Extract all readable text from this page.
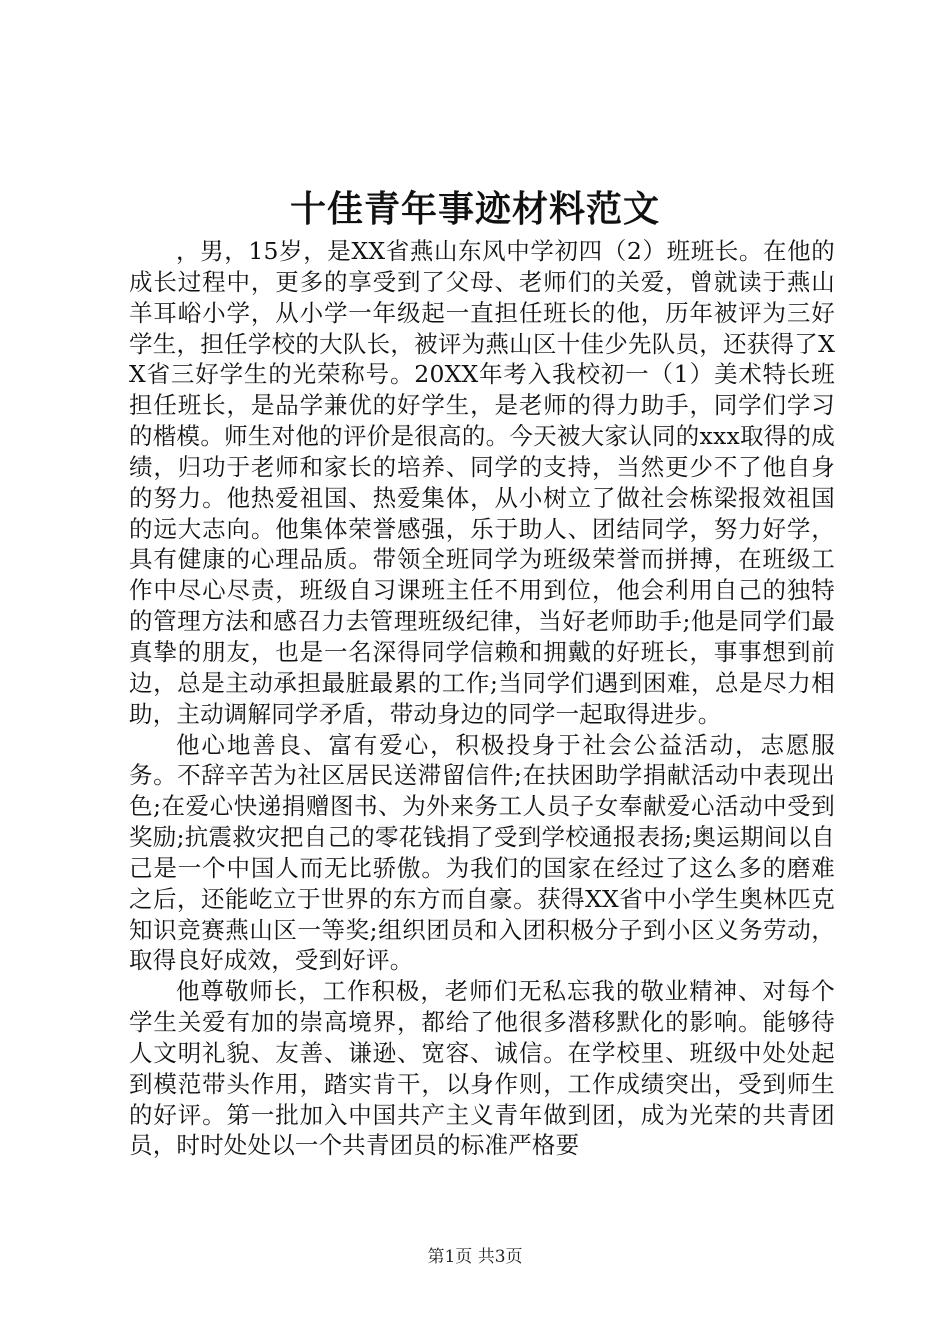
十佳青年事迹材料范文

，男，15岁，是XX省燕山东风中学初四（2）班班长。在他的成长过程中，更多的享受到了父母、老师们的关爱，曾就读于燕山羊耳峪小学，从小学一年级起一直担任班长的他，历年被评为三好学生，担任学校的大队长，被评为燕山区十佳少先队员，还获得了XX省三好学生的光荣称号。20XX年考入我校初一（1）美术特长班担任班长，是品学兼优的好学生，是老师的得力助手，同学们学习的楷模。师生对他的评价是很高的。今天被大家认同的xxx取得的成绩，归功于老师和家长的培养、同学的支持，当然更少不了他自身的努力。他热爱祖国、热爱集体，从小树立了做社会栋梁报效祖国的远大志向。他集体荣誉感强，乐于助人、团结同学，努力好学，具有健康的心理品质。带领全班同学为班级荣誉而拼搏，在班级工作中尽心尽责，班级自习课班主任不用到位，他会利用自己的独特的管理方法和感召力去管理班级纪律，当好老师助手;他是同学们最真挚的朋友，也是一名深得同学信赖和拥戴的好班长，事事想到前边，总是主动承担最脏最累的工作;当同学们遇到困难，总是尽力相助，主动调解同学矛盾，带动身边的同学一起取得进步。

他心地善良、富有爱心，积极投身于社会公益活动，志愿服务。不辞辛苦为社区居民送滞留信件;在扶困助学捐献活动中表现出色;在爱心快递捐赠图书、为外来务工人员子女奉献爱心活动中受到奖励;抗震救灾把自己的零花钱捐了受到学校通报表扬;奥运期间以自己是一个中国人而无比骄傲。为我们的国家在经过了这么多的磨难之后，还能屹立于世界的东方而自豪。获得XX省中小学生奥林匹克知识竞赛燕山区一等奖;组织团员和入团积极分子到小区义务劳动，取得良好成效，受到好评。

他尊敬师长，工作积极，老师们无私忘我的敬业精神、对每个学生关爱有加的崇高境界，都给了他很多潜移默化的影响。能够待人文明礼貌、友善、谦逊、宽容、诚信。在学校里、班级中处处起到模范带头作用，踏实肯干，以身作则，工作成绩突出，受到师生的好评。第一批加入中国共产主义青年做到团，成为光荣的共青团员，时时处处以一个共青团员的标准严格要

第1页 共3页
